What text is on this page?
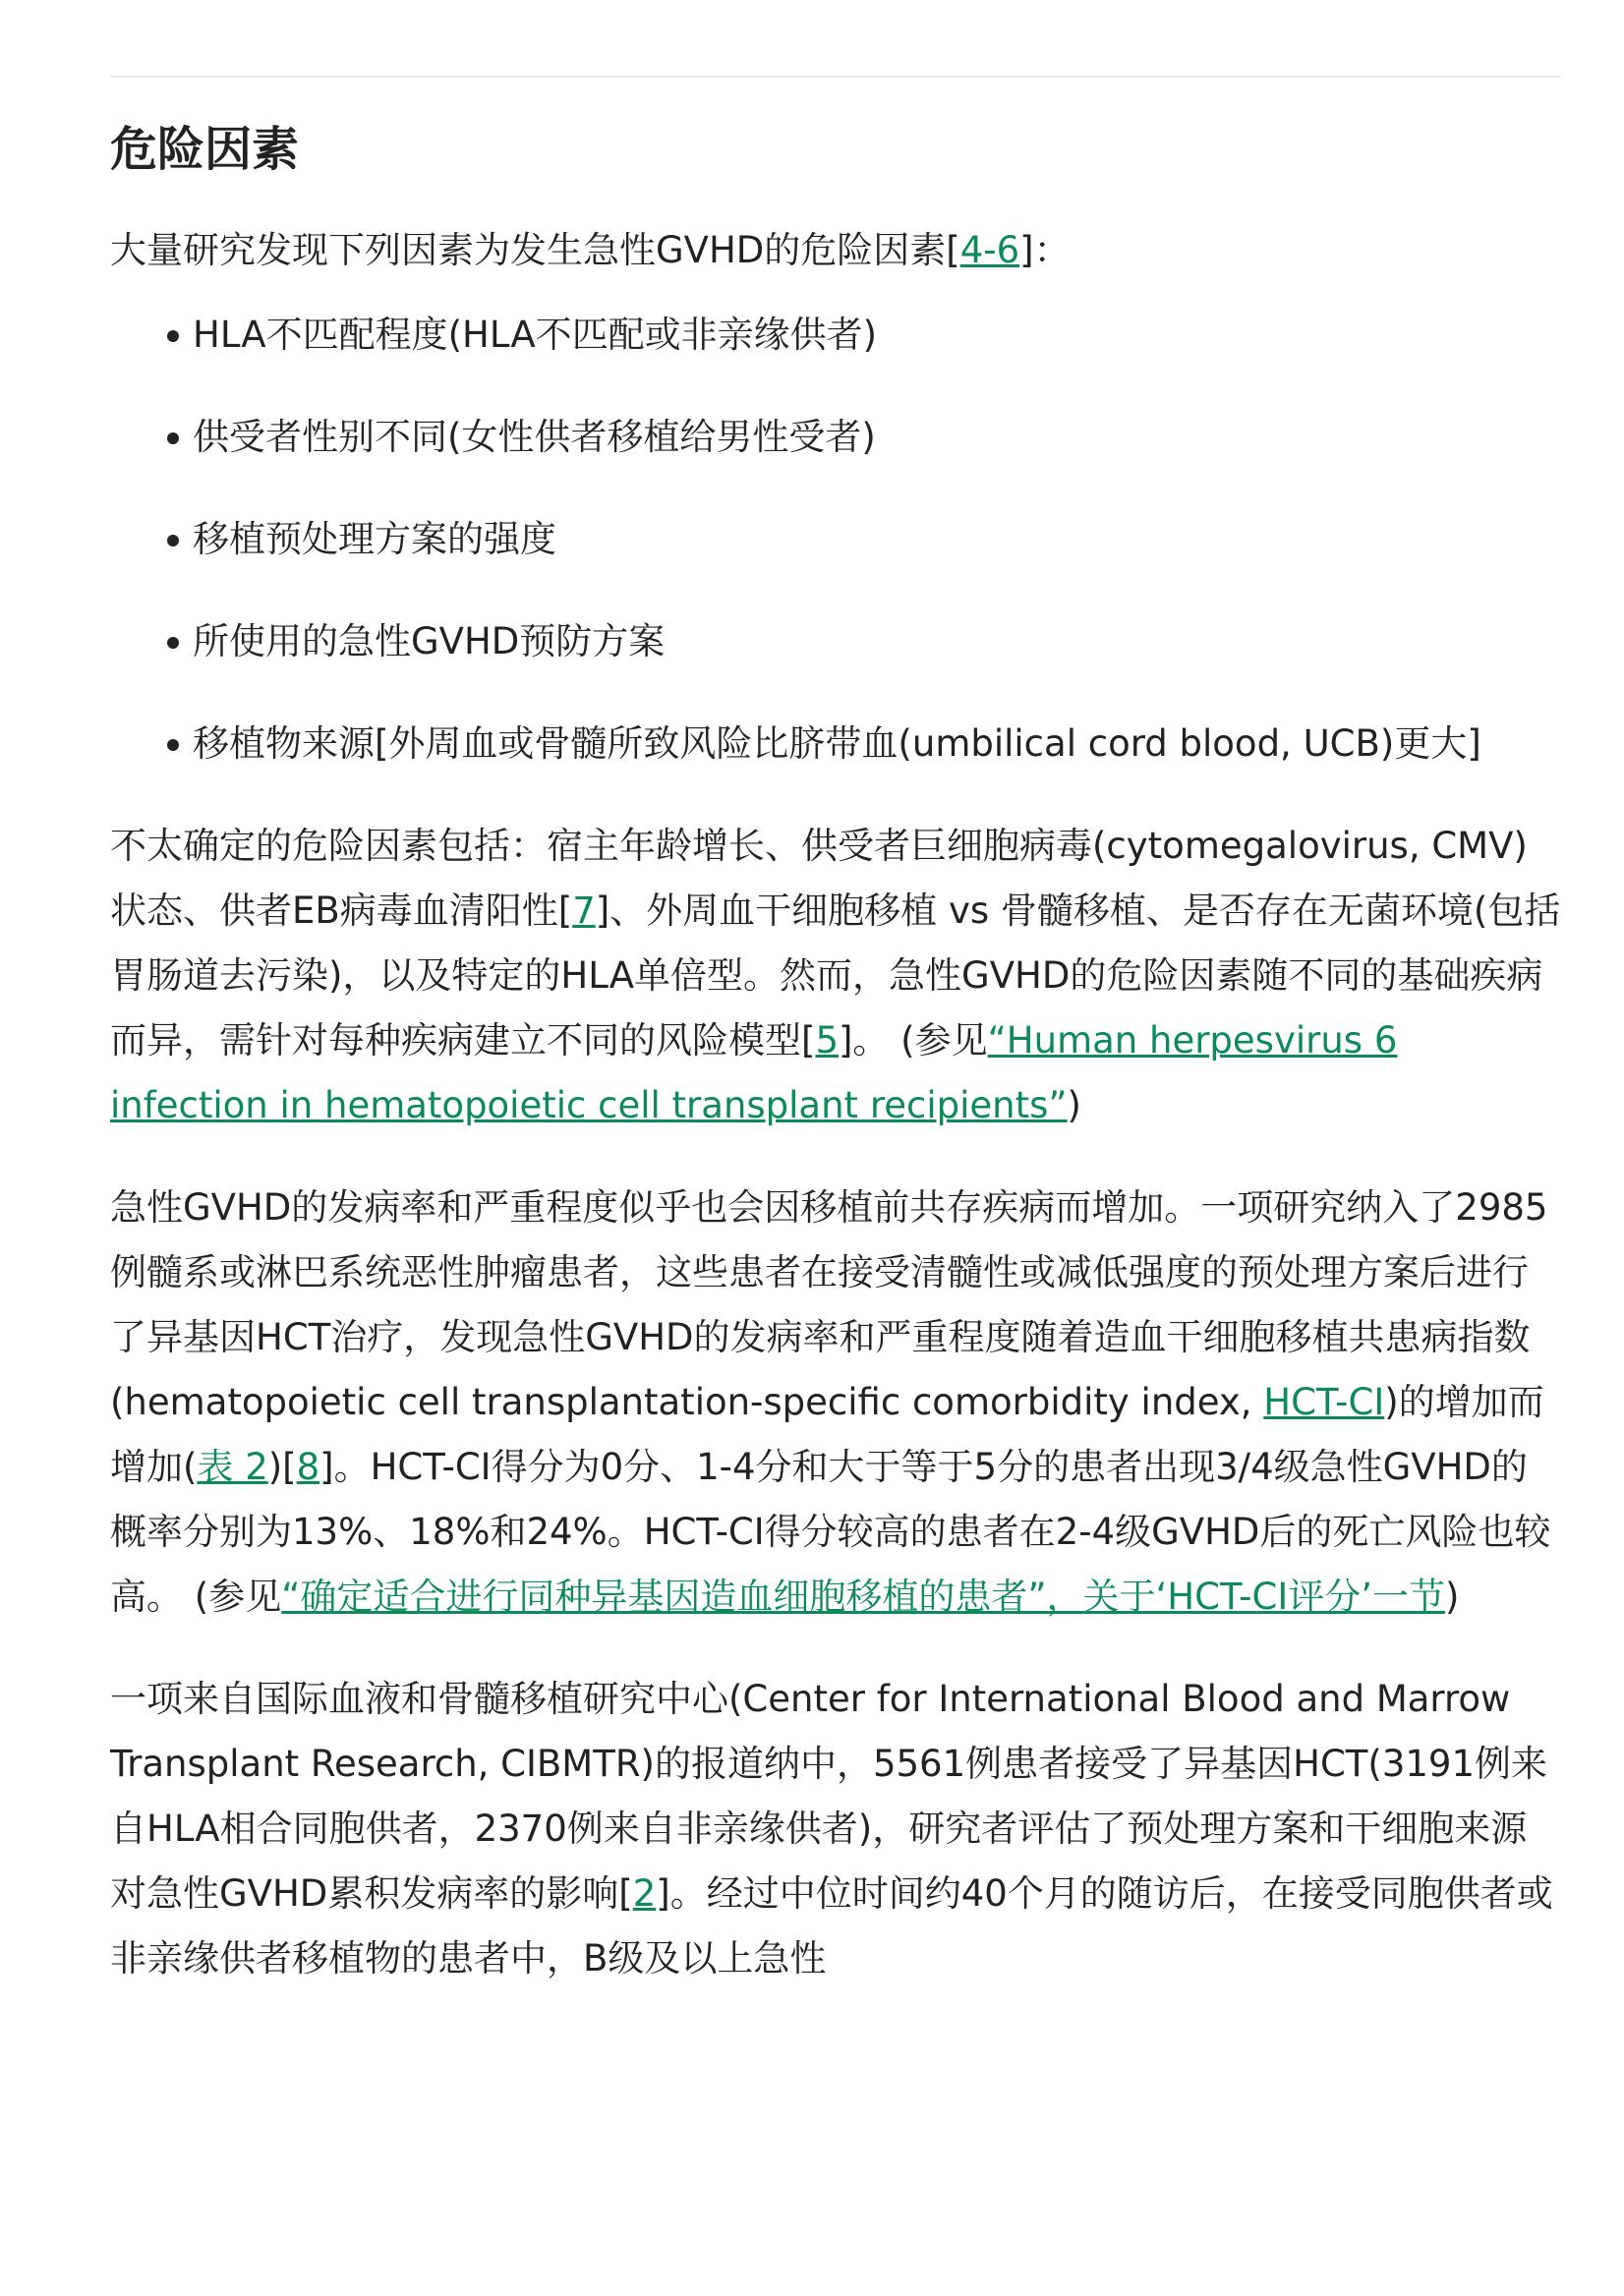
危险因素

大量研究发现下列因素为发生急性GVHD的危险因素[4-6]：

HLA不匹配程度(HLA不匹配或非亲缘供者)
供受者性别不同(女性供者移植给男性受者)
移植预处理方案的强度
所使用的急性GVHD预防方案
移植物来源[外周血或骨髓所致风险比脐带血(umbilical cord blood, UCB)更大]

不太确定的危险因素包括：宿主年龄增长、供受者巨细胞病毒(cytomegalovirus, CMV)状态、供者EB病毒血清阳性[7]、外周血干细胞移植 vs 骨髓移植、是否存在无菌环境(包括胃肠道去污染)，以及特定的HLA单倍型。然而，急性GVHD的危险因素随不同的基础疾病而异，需针对每种疾病建立不同的风险模型[5]。 (参见“Human herpesvirus 6 infection in hematopoietic cell transplant recipients”)

急性GVHD的发病率和严重程度似乎也会因移植前共存疾病而增加。一项研究纳入了2985例髓系或淋巴系统恶性肿瘤患者，这些患者在接受清髓性或减低强度的预处理方案后进行了异基因HCT治疗，发现急性GVHD的发病率和严重程度随着造血干细胞移植共患病指数(hematopoietic cell transplantation-specific comorbidity index, HCT-CI)的增加而增加(表 2)[8]。HCT-CI得分为0分、1-4分和大于等于5分的患者出现3/4级急性GVHD的概率分别为13%、18%和24%。HCT-CI得分较高的患者在2-4级GVHD后的死亡风险也较高。 (参见“确定适合进行同种异基因造血细胞移植的患者”，关于‘HCT-CI评分’一节)

一项来自国际血液和骨髓移植研究中心(Center for International Blood and Marrow Transplant Research, CIBMTR)的报道纳中，5561例患者接受了异基因HCT(3191例来自HLA相合同胞供者，2370例来自非亲缘供者)，研究者评估了预处理方案和干细胞来源对急性GVHD累积发病率的影响[2]。经过中位时间约40个月的随访后，在接受同胞供者或非亲缘供者移植物的患者中，B级及以上急性
